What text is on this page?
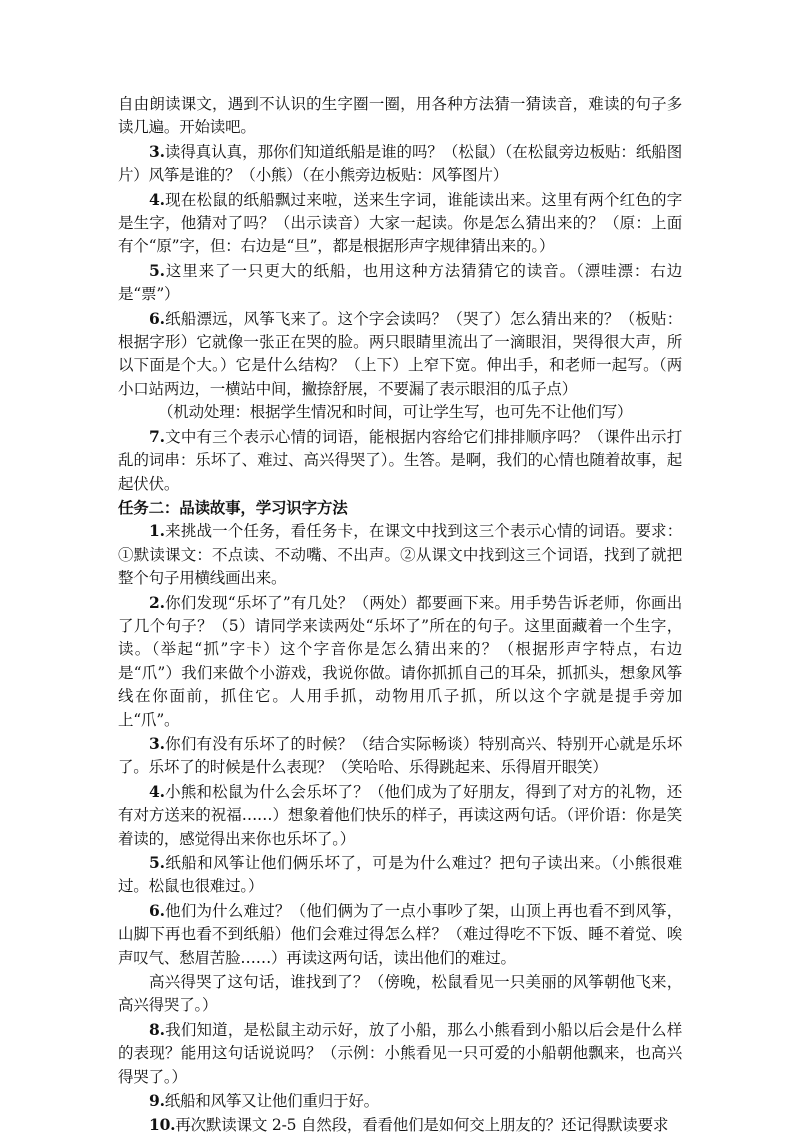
自由朗读课文，遇到不认识的生字圈一圈，用各种方法猜一猜读音，难读的句子多读几遍。开始读吧。

3.读得真认真，那你们知道纸船是谁的吗？（松鼠）（在松鼠旁边板贴：纸船图片）风筝是谁的？（小熊）（在小熊旁边板贴：风筝图片）

4.现在松鼠的纸船飘过来啦，送来生字词，谁能读出来。这里有两个红色的字是生字，他猜对了吗？（出示读音）大家一起读。你是怎么猜出来的？（原：上面有个“原”字，但：右边是“旦”，都是根据形声字规律猜出来的。）

5.这里来了一只更大的纸船，也用这种方法猜猜它的读音。（漂哇漂：右边是“票”）

6.纸船漂远，风筝飞来了。这个字会读吗？（哭了）怎么猜出来的？（板贴：根据字形）它就像一张正在哭的脸。两只眼睛里流出了一滴眼泪，哭得很大声，所以下面是个大。）它是什么结构？（上下）上窄下宽。伸出手，和老师一起写。（两小口站两边，一横站中间，撇捺舒展，不要漏了表示眼泪的瓜子点）

（机动处理：根据学生情况和时间，可让学生写，也可先不让他们写）

7.文中有三个表示心情的词语，能根据内容给它们排排顺序吗？（课件出示打乱的词串：乐坏了、难过、高兴得哭了）。生答。是啊，我们的心情也随着故事，起起伏伏。

任务二：品读故事，学习识字方法

1.来挑战一个任务，看任务卡，在课文中找到这三个表示心情的词语。要求：①默读课文：不点读、不动嘴、不出声。②从课文中找到这三个词语，找到了就把整个句子用横线画出来。

2.你们发现“乐坏了”有几处？（两处）都要画下来。用手势告诉老师，你画出了几个句子？（5）请同学来读两处“乐坏了”所在的句子。这里面藏着一个生字，读。（举起“抓”字卡）这个字音你是怎么猜出来的？（根据形声字特点，右边是“爪”）我们来做个小游戏，我说你做。请你抓抓自己的耳朵，抓抓头，想象风筝线在你面前，抓住它。人用手抓，动物用爪子抓，所以这个字就是提手旁加上“爪”。

3.你们有没有乐坏了的时候？（结合实际畅谈）特别高兴、特别开心就是乐坏了。乐坏了的时候是什么表现？（笑哈哈、乐得跳起来、乐得眉开眼笑）

4.小熊和松鼠为什么会乐坏了？（他们成为了好朋友，得到了对方的礼物，还有对方送来的祝福……）想象着他们快乐的样子，再读这两句话。（评价语：你是笑着读的，感觉得出来你也乐坏了。）

5.纸船和风筝让他们俩乐坏了，可是为什么难过？把句子读出来。（小熊很难过。松鼠也很难过。）

6.他们为什么难过？（他们俩为了一点小事吵了架，山顶上再也看不到风筝，山脚下再也看不到纸船）他们会难过得怎么样？（难过得吃不下饭、睡不着觉、唉声叹气、愁眉苦脸……）再读这两句话，读出他们的难过。

高兴得哭了这句话，谁找到了？（傍晚，松鼠看见一只美丽的风筝朝他飞来，高兴得哭了。）

8.我们知道，是松鼠主动示好，放了小船，那么小熊看到小船以后会是什么样的表现？能用这句话说说吗？（示例：小熊看见一只可爱的小船朝他飘来，也高兴得哭了。）

9.纸船和风筝又让他们重归于好。

10.再次默读课文 2-5 自然段，看看他们是如何交上朋友的？还记得默读要求
